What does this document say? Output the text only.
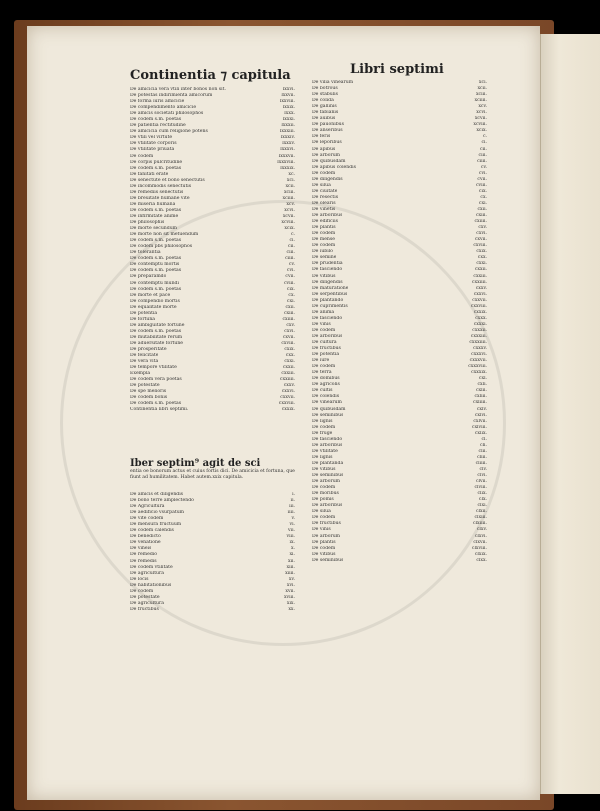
Continentia ⁊ capitula	Libri septimi
De amicicia vera vtili inter bonos non sit.	lxxvi.
De potestas indirimienta amicorum	lxxvii.
De forma iuris amicicie	lxxviii.
De compendimento amicicie	lxxix.
De amicis societati philosophos	lxxx.
De codem s.m. poetas	lxxxi.
De patientia rectitudine	lxxxii.
De amicicia cum religione potens	lxxxiii.
De vtili vel virtute	lxxxiv.
De vtilitate corporis	lxxxv.
De vtilitate priuata	lxxxvi.
De codem	lxxxvii.
De corpis pulcritudine	lxxxviii.
De codem s.m. poetas	lxxxix.
De fanitati erate	xc.
De senectute et bono senectutis	xci.
De incommodis senectutis	xcii.
De remediis senectutis	xciii.
De breuitate humane vite	xciiii.
De miseria humana	xcv.
De codem s.m. poetas	xcvi.
De infirmitate anime	xcvii.
De philosophis	xcviii.
De morte secundum	xcix.
De morte non sit metuendum	c.
De codem s.m. poetas	ci.
De codem pbs philosophos	cii.
De tolerantia	ciii.
De codem s.m. poetas	ciiii.
De contemptu mortis	cv.
De codem s.m. poetas	cvi.
De preparamdo	cvii.
De contemptu mundi	cviii.
De codem s.m. poetas	cix.
De morte et pace	cx.
De compendio mortis	cxi.
De equalitate morte	cxii.
De potentia	cxiii.
De fortuna	cxiiii.
De ambiguitate fortune	cxv.
De codem s.m. poetas	cxvi.
De mutabilitate rerum	cxvii.
De aduersitate fortune	cxviii.
De prosperitate	cxix.
De felicitate	cxx.
De vera vita	cxxi.
De tempore vtilitate	cxxii.
Exempla	cxxiii.
De codem vera poetas	cxxiiii.
De potestate	cxxv.
De spe melioris	cxxvi.
De codem bonis	cxxvii.
De codem s.m. poetas	cxxviii.
Continentia libri septimi.	cxxix.
Iber septim⁹ agit de sci
entia oe bonorum actus et cuius fortis dici. De amicicia et fortuna, que fiunt ad humilitatem. Habet autem.xxix capitula.
De amicis et diligendis	i.
De bono terre amplectendo	ii.
De Agricultura	iii.
De aedificio vsurpatum	iiii.
De vite codem	v.
De mensura fructuum	vi.
De codem calendis	vii.
De benedicto	viii.
De venatione	ix.
De vineis	x.
De remedio	xi.
De remedis	xii.
De codem vtilitate	xiii.
De agricultura	xiiii.
De locis	xv.
De habitationibus	xvi.
De codem	xvii.
De potestate	xviii.
De agricultura	xix.
De fructibus	xx.
De vilia vinearum	xci.
De botrous	xcii.
De stabulis	xciii.
De colida	xciiii.
De gallinis	xcv.
De fabianis	xcvi.
De auibus	xcvii.
De pauonibus	xcviii.
De anseribus	xcix.
De feris	c.
De leporibus	ci.
De apibus	cii.
De arborum	ciii.
De quibusdam	ciiii.
De apibus colendis	cv.
De codem	cvi.
De diligendis	cvii.
De silua	cviii.
De ciuitate	cix.
De resectis	cx.
De olearis	cxi.
De vinetis	cxii.
De arboribus	cxiii.
De edificiis	cxiiii.
De plantis	cxv.
De codem	cxvi.
De mense	cxvii.
De codem	cxviii.
De iubilo	cxix.
De semine	cxx.
De prudentia	cxxi.
De fasciendo	cxxii.
De vitibus	cxxiii.
De diligendis	cxxiiii.
De maturatione	cxxv.
De serpentibus	cxxvi.
De plantando	cxxvii.
De cuprimentis	cxxviii.
De anima	cxxix.
De fasciendo	cxxx.
De vinis	cxxxi.
De codem	cxxxii.
De arboribus	cxxxiii.
De cultura	cxxxiiii.
De fructibus	cxxxv.
De potentia	cxxxvi.
De iure	cxxxvii.
De codem	cxxxviii.
De terra	cxxxix.
De domibus	cxl.
De agricolis	cxli.
De cultis	cxlii.
De colendis	cxliii.
De vinearum	cxliiii.
De quibusdam	cxlv.
De seminibus	cxlvi.
De lignis	cxlvii.
De codem	cxlviii.
De fruge	cxlix.
De fasciendo	cl.
De arboribus	cli.
De vtilitate	clii.
De lignis	cliii.
De plantanda	cliiii.
De vitibus	clv.
De seminibus	clvi.
De arborum	clvii.
De codem	clviii.
De moribus	clix.
De pomis	clx.
De arboribus	clxi.
De silua	clxii.
De codem	clxiii.
De fructibus	clxiiii.
De vinis	clxv.
De arborum	clxvi.
De plantis	clxvii.
De codem	clxviii.
De vitibus	clxix.
De seminibus	clxx.
